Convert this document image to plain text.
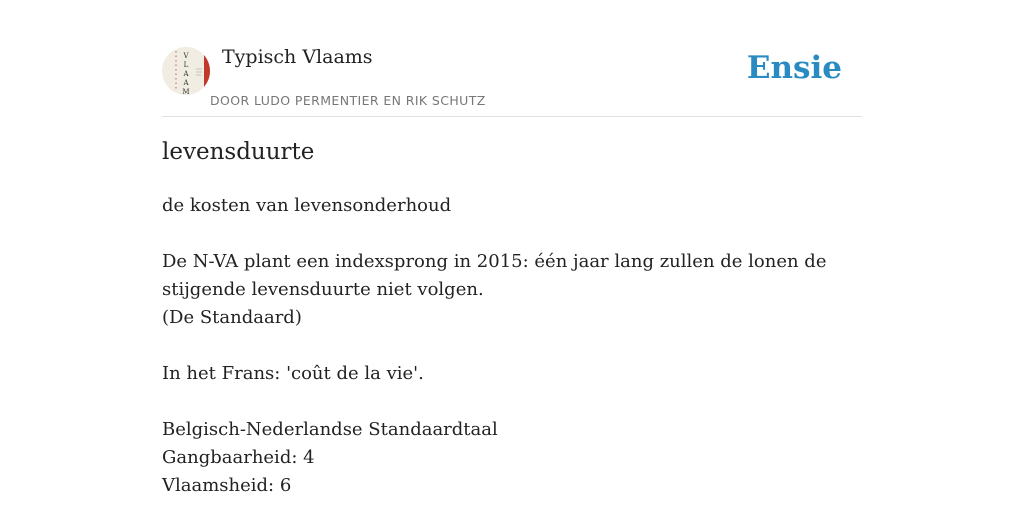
V
L
A
A
M
Typisch Vlaams
DOOR LUDO PERMENTIER EN RIK SCHUTZ
Ensie
levensduurte

de kosten van levensonderhoud

De N-VA plant een indexsprong in 2015: één jaar lang zullen de lonen de

stijgende levensduurte niet volgen.

(De Standaard)

In het Frans: 'coût de la vie'.

Belgisch-Nederlandse Standaardtaal

Gangbaarheid: 4

Vlaamsheid: 6
